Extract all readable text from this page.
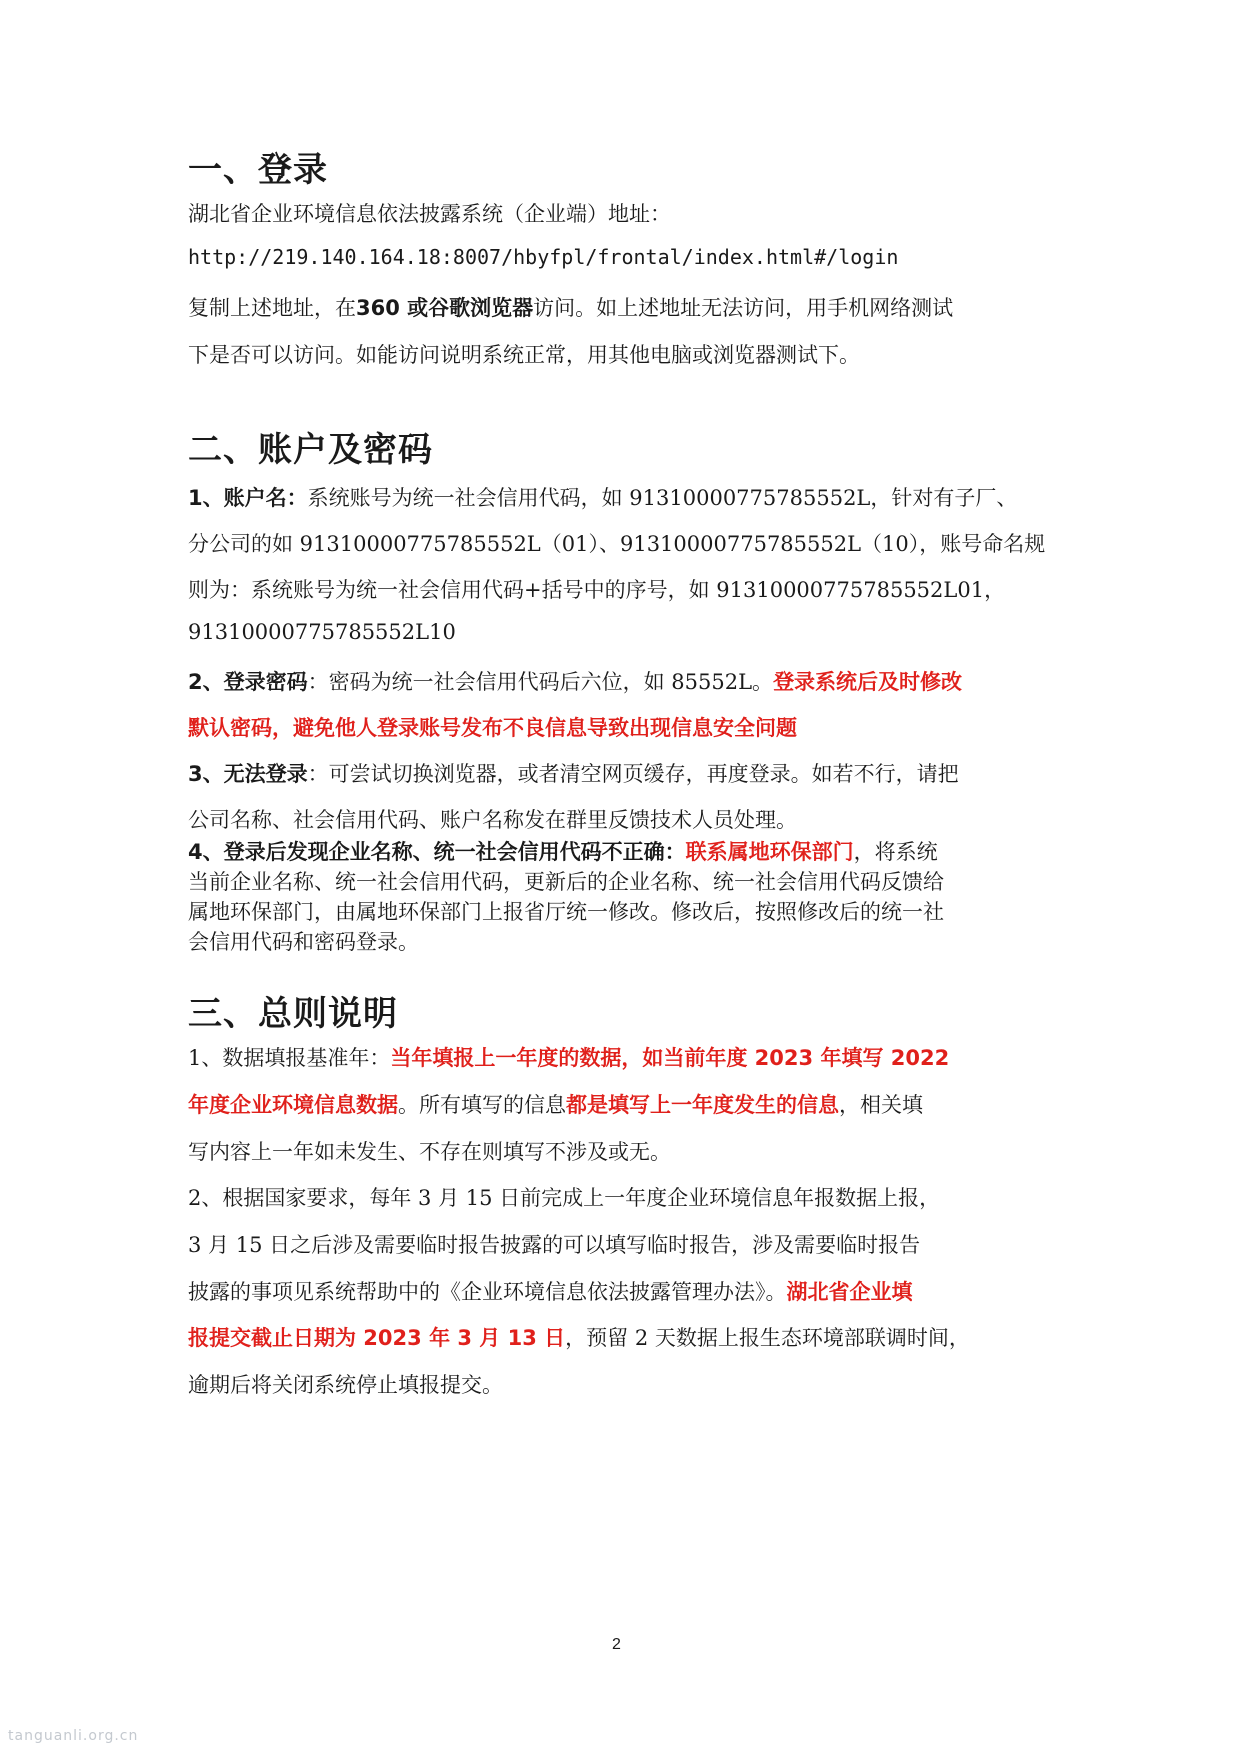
一、登录
湖北省企业环境信息依法披露系统（企业端）地址：
http://219.140.164.18:8007/hbyfpl/frontal/index.html#/login
复制上述地址，在360 或谷歌浏览器访问。如上述地址无法访问，用手机网络测试
下是否可以访问。如能访问说明系统正常，用其他电脑或浏览器测试下。
二、账户及密码
1、账户名：系统账号为统一社会信用代码，如 91310000775785552L，针对有子厂、
分公司的如 91310000775785552L（01）、91310000775785552L（10），账号命名规
则为：系统账号为统一社会信用代码+括号中的序号，如 91310000775785552L01，
91310000775785552L10
2、登录密码：密码为统一社会信用代码后六位，如 85552L。登录系统后及时修改
默认密码，避免他人登录账号发布不良信息导致出现信息安全问题
3、无法登录：可尝试切换浏览器，或者清空网页缓存，再度登录。如若不行，请把
公司名称、社会信用代码、账户名称发在群里反馈技术人员处理。
4、登录后发现企业名称、统一社会信用代码不正确：联系属地环保部门，将系统
当前企业名称、统一社会信用代码，更新后的企业名称、统一社会信用代码反馈给
属地环保部门，由属地环保部门上报省厅统一修改。修改后，按照修改后的统一社
会信用代码和密码登录。
三、总则说明
1、数据填报基准年：当年填报上一年度的数据，如当前年度 2023 年填写 2022
年度企业环境信息数据。所有填写的信息都是填写上一年度发生的信息，相关填
写内容上一年如未发生、不存在则填写不涉及或无。
2、根据国家要求，每年 3 月 15 日前完成上一年度企业环境信息年报数据上报，
3 月 15 日之后涉及需要临时报告披露的可以填写临时报告，涉及需要临时报告
披露的事项见系统帮助中的《企业环境信息依法披露管理办法》。湖北省企业填
报提交截止日期为 2023 年 3 月 13 日，预留 2 天数据上报生态环境部联调时间，
逾期后将关闭系统停止填报提交。
2
tanguanli.org.cn
